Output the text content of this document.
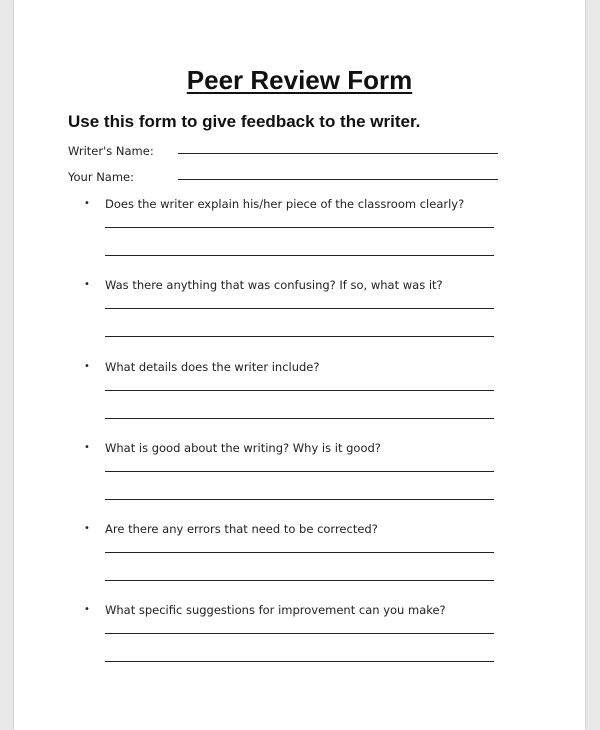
Peer Review Form
Use this form to give feedback to the writer.
Writer's Name:
Your Name:
• Does the writer explain his/her piece of the classroom clearly?
• Was there anything that was confusing? If so, what was it?
• What details does the writer include?
• What is good about the writing? Why is it good?
• Are there any errors that need to be corrected?
• What specific suggestions for improvement can you make?
